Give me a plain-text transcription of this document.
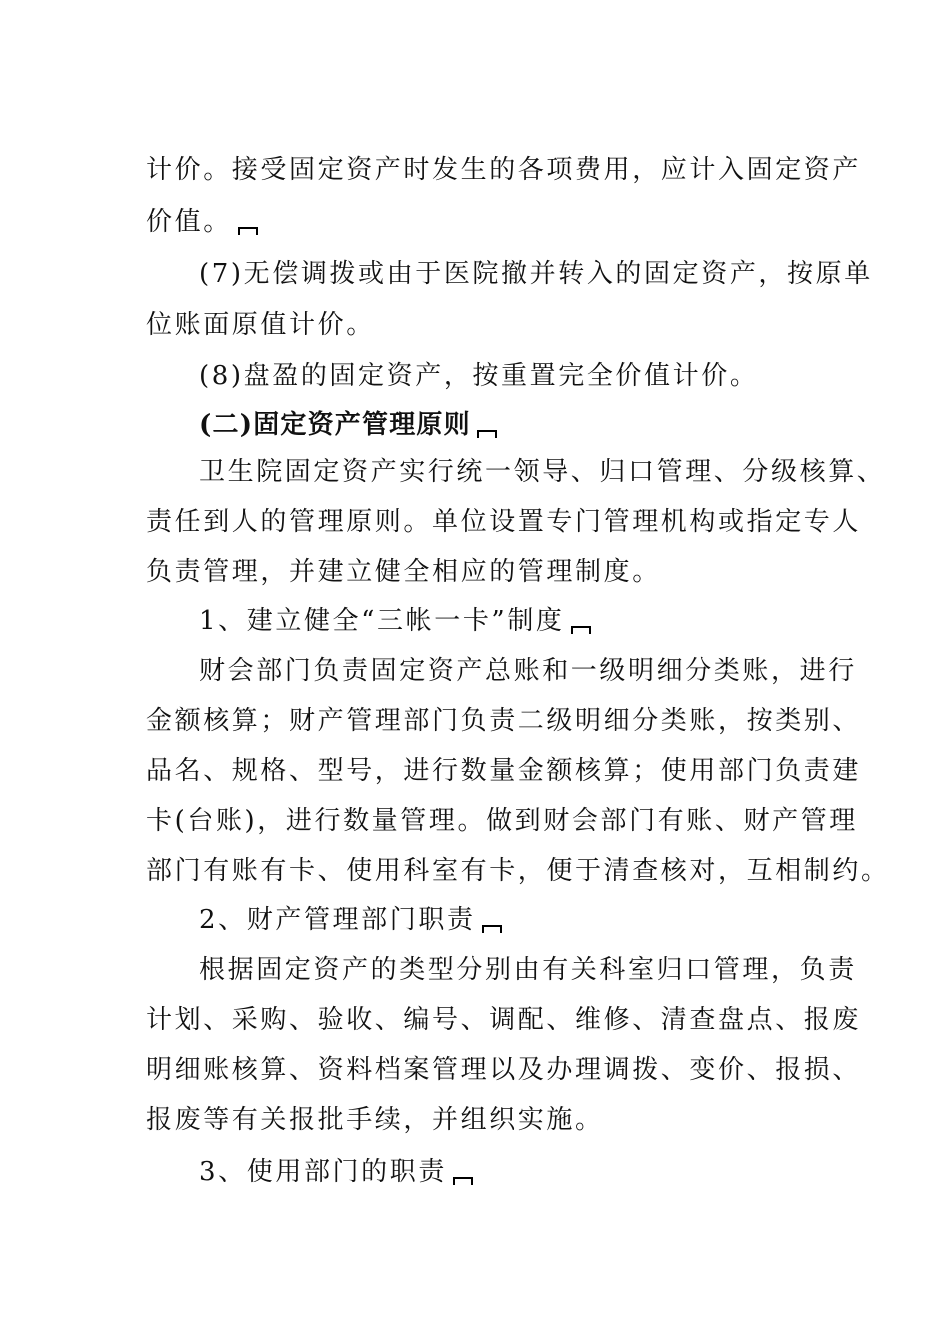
计价。接受固定资产时发生的各项费用，应计入固定资产
价值。
(7)无偿调拨或由于医院撤并转入的固定资产，按原单
位账面原值计价。
(8)盘盈的固定资产，按重置完全价值计价。
(二)固定资产管理原则
卫生院固定资产实行统一领导、归口管理、分级核算、
责任到人的管理原则。单位设置专门管理机构或指定专人
负责管理，并建立健全相应的管理制度。
1、建立健全“三帐一卡”制度
财会部门负责固定资产总账和一级明细分类账，进行
金额核算；财产管理部门负责二级明细分类账，按类别、
品名、规格、型号，进行数量金额核算；使用部门负责建
卡(台账)，进行数量管理。做到财会部门有账、财产管理
部门有账有卡、使用科室有卡，便于清查核对，互相制约。
2、财产管理部门职责
根据固定资产的类型分别由有关科室归口管理，负责
计划、采购、验收、编号、调配、维修、清查盘点、报废
明细账核算、资料档案管理以及办理调拨、变价、报损、
报废等有关报批手续，并组织实施。
3、使用部门的职责
